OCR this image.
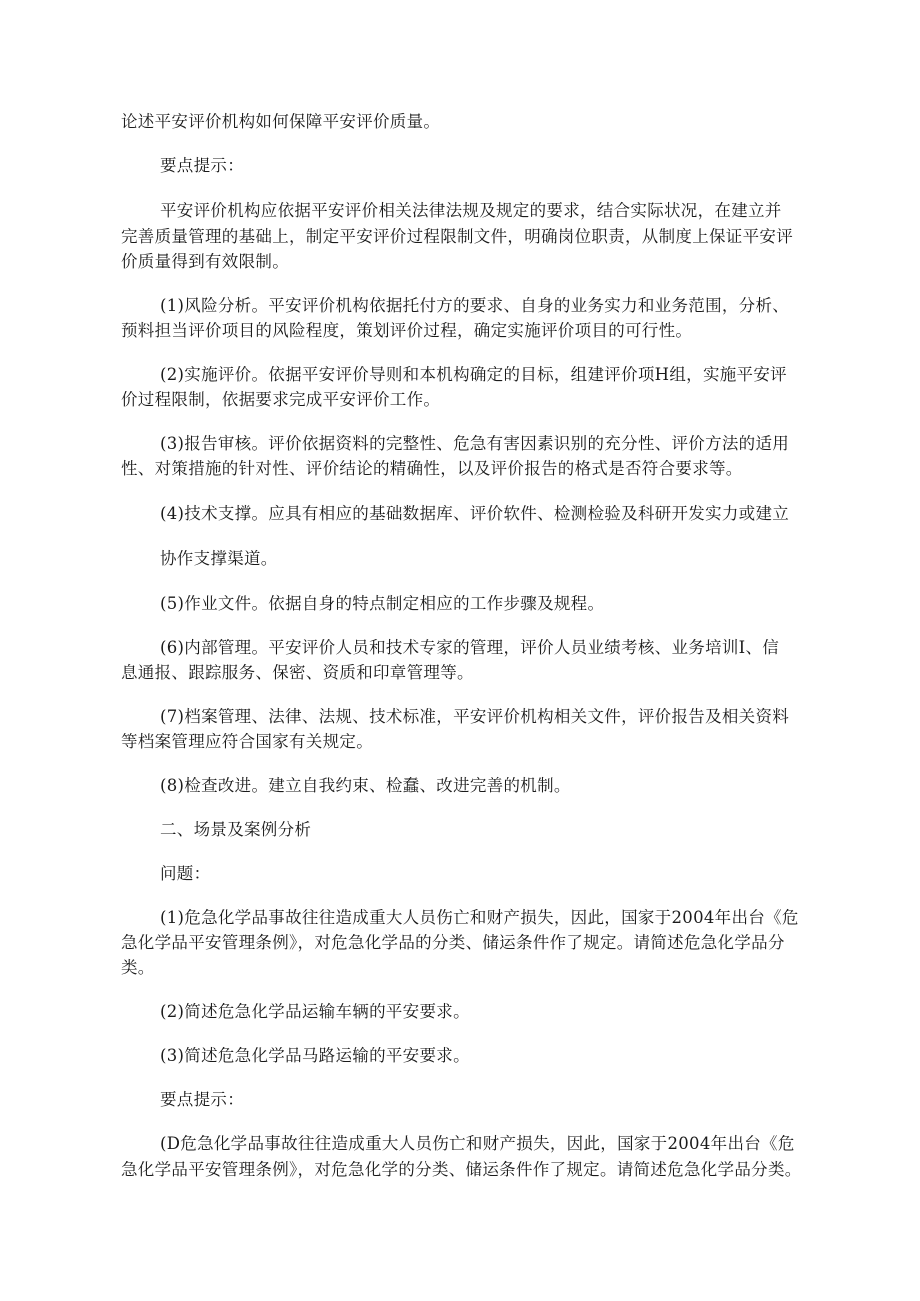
论述平安评价机构如何保障平安评价质量。
要点提示：
平安评价机构应依据平安评价相关法律法规及规定的要求，结合实际状况，在建立并
完善质量管理的基础上，制定平安评价过程限制文件，明确岗位职责，从制度上保证平安评
价质量得到有效限制。
(1)风险分析。平安评价机构依据托付方的要求、自身的业务实力和业务范围，分析、
预料担当评价项目的风险程度，策划评价过程，确定实施评价项目的可行性。
(2)实施评价。依据平安评价导则和本机构确定的目标，组建评价项H组，实施平安评
价过程限制，依据要求完成平安评价工作。
(3)报告审核。评价依据资料的完整性、危急有害因素识别的充分性、评价方法的适用
性、对策措施的针对性、评价结论的精确性，以及评价报告的格式是否符合要求等。
(4)技术支撑。应具有相应的基础数据库、评价软件、检测检验及科研开发实力或建立
协作支撑渠道。
(5)作业文件。依据自身的特点制定相应的工作步骤及规程。
(6)内部管理。平安评价人员和技术专家的管理，评价人员业绩考核、业务培训I、信
息通报、跟踪服务、保密、资质和印章管理等。
(7)档案管理、法律、法规、技术标准，平安评价机构相关文件，评价报告及相关资料
等档案管理应符合国家有关规定。
(8)检查改进。建立自我约束、检蠢、改进完善的机制。
二、场景及案例分析
问题：
(1)危急化学品事故往往造成重大人员伤亡和财产损失，因此，国家于2004年出台《危
急化学品平安管理条例》，对危急化学品的分类、储运条件作了规定。请简述危急化学品分
类。
(2)简述危急化学品运输车辆的平安要求。
(3)简述危急化学品马路运输的平安要求。
要点提示：
(D危急化学品事故往往造成重大人员伤亡和财产损失，因此，国家于2004年出台《危
急化学品平安管理条例》，对危急化学的分类、储运条件作了规定。请简述危急化学品分类。
